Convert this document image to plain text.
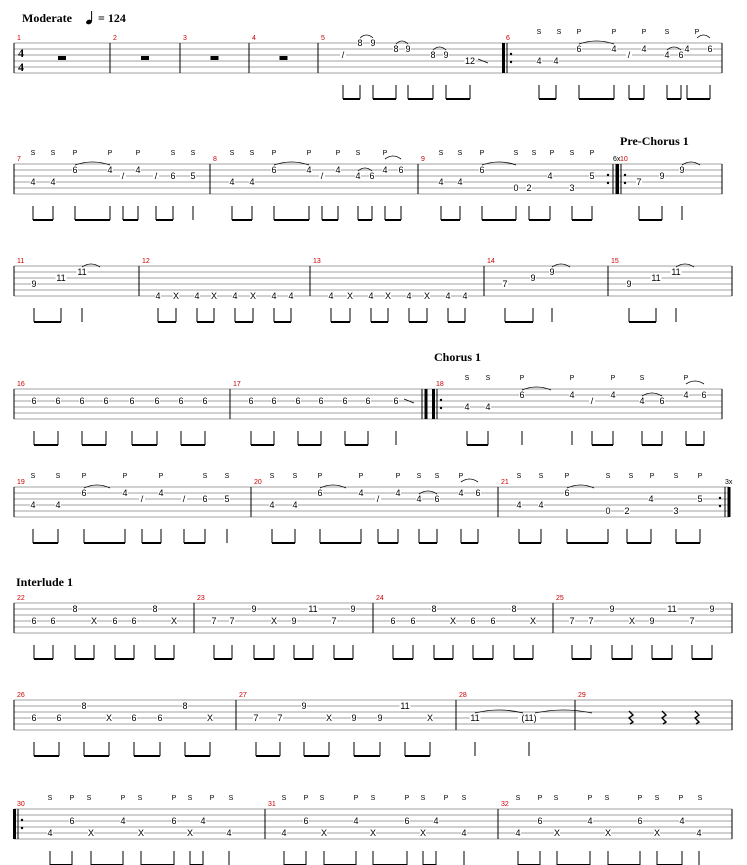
Moderate = 124
Pre-Chorus 1
Chorus 1
Interlude 1
4
4
1	2	3	4	5
/
8 9
8 9
8 9
12
6
S S P	P	P	S	P
4 4
6	4
/
4
4 6
4 6
7
S S P	P	P	S S
4 4
6	4
/
4
/ 6 5
8
S S P	P	P S	P
4 4
6	4
/
4
4 6
4 6
9	6x
S S P	S S P S P
4 4
6
0 2
4
3
5
10
7
9
9
11
9
11
11
12
4 X 4 X 4 X 4 4
13
4 X 4 X 4 X 4 4
14
7
9
9
15
9
11
11
16
6 6 6 6 6 6 6 6
17
6 6 6 6 6 6	6
18
S S	P	P	P	S	P
4 4
6	4
/
4
4 6
4 6
19
S	S	P	P	P	S S
4 4
6	4
/
4
/ 6 5
20
S	S	P	P	P S S	P
4 4
6	4
/
4
4 6
4 6
21	3x
S S	P	S	S P	S	P
4 4
6
0 2
4
3
5
22
6 6
8
X 6 6
8
X
23
7 7
9
X 9
11
7
9
24
6 6
8
X 6 6
8
X
25
7 7
9
X 9
11
7
9
26
6 6
8
X 6 6
8
X
27
7 7
9
X 9 9
11
X
28
11	(11)
29
30
S P S	P S	P S P S
4
6
X
4
X
6
X
4
4
31
S P S	P S	P S	P S
4
6
X
4
X
6
X
4
4
32
S P S	P S	P S	P S
4
6
X
4
X
6
X
4
4
